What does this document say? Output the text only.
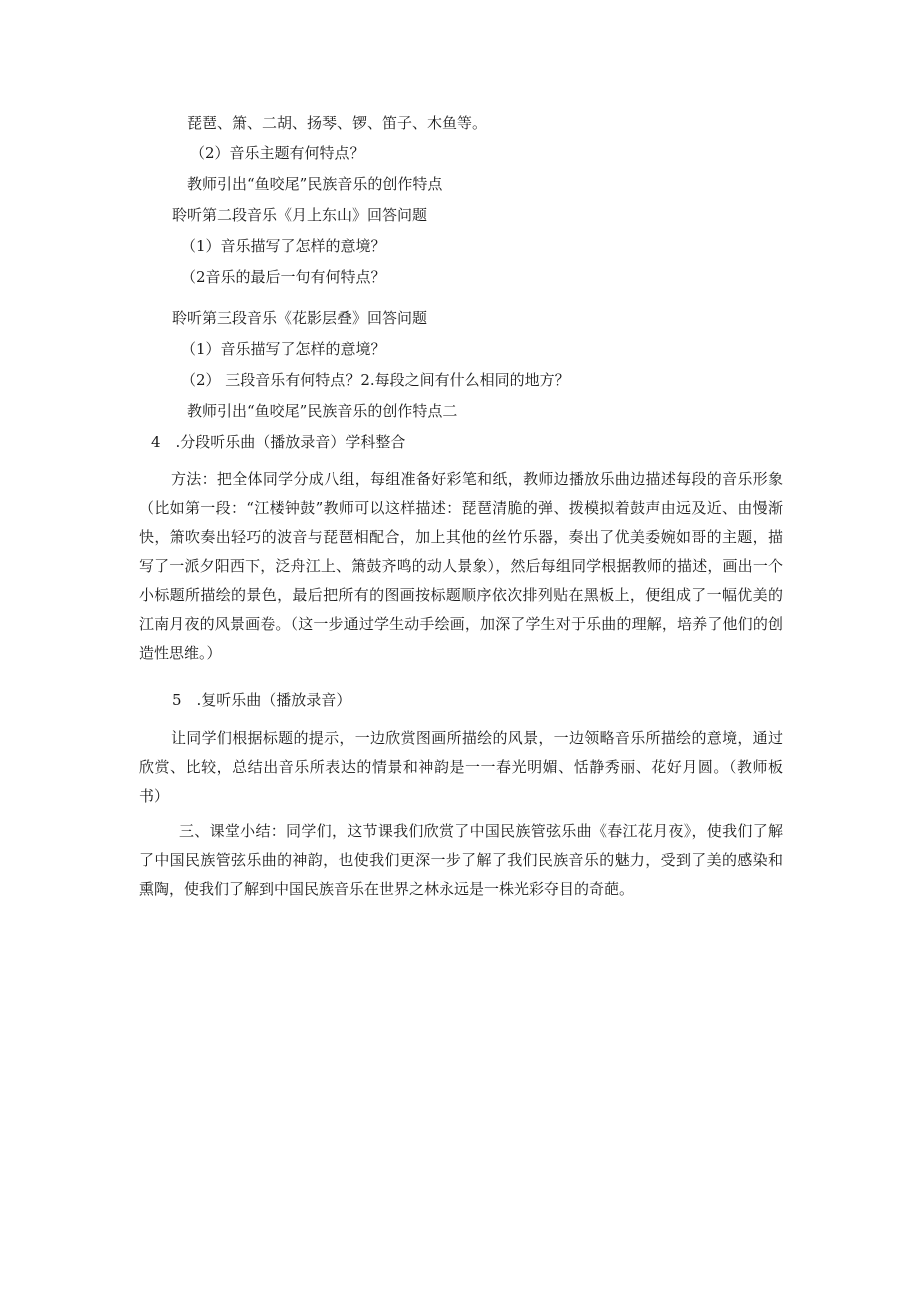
琵琶、箫、二胡、扬琴、锣、笛子、木鱼等。

（2）音乐主题有何特点？

教师引出“鱼咬尾”民族音乐的创作特点

聆听第二段音乐《月上东山》回答问题

（1）音乐描写了怎样的意境？

（2音乐的最后一句有何特点？

聆听第三段音乐《花影层叠》回答问题

（1）音乐描写了怎样的意境？

（2） 三段音乐有何特点？2.每段之间有什么相同的地方？

教师引出“鱼咬尾”民族音乐的创作特点二

4　.分段听乐曲（播放录音）学科整合

方法：把全体同学分成八组，每组准备好彩笔和纸，教师边播放乐曲边描述每段的音乐形象（比如第一段：“江楼钟鼓”教师可以这样描述：琵琶清脆的弹、拨模拟着鼓声由远及近、由慢渐快，箫吹奏出轻巧的波音与琵琶相配合，加上其他的丝竹乐器，奏出了优美委婉如哥的主题，描写了一派夕阳西下，泛舟江上、箫鼓齐鸣的动人景象），然后每组同学根据教师的描述，画出一个小标题所描绘的景色，最后把所有的图画按标题顺序依次排列贴在黑板上，便组成了一幅优美的江南月夜的风景画卷。（这一步通过学生动手绘画，加深了学生对于乐曲的理解，培养了他们的创造性思维。）

5　.复听乐曲（播放录音）

让同学们根据标题的提示，一边欣赏图画所描绘的风景，一边领略音乐所描绘的意境，通过欣赏、比较，总结出音乐所表达的情景和神韵是一一春光明媚、恬静秀丽、花好月圆。（教师板书）

三、课堂小结：同学们，这节课我们欣赏了中国民族管弦乐曲《春江花月夜》，使我们了解了中国民族管弦乐曲的神韵，也使我们更深一步了解了我们民族音乐的魅力，受到了美的感染和熏陶，使我们了解到中国民族音乐在世界之林永远是一株光彩夺目的奇葩。
